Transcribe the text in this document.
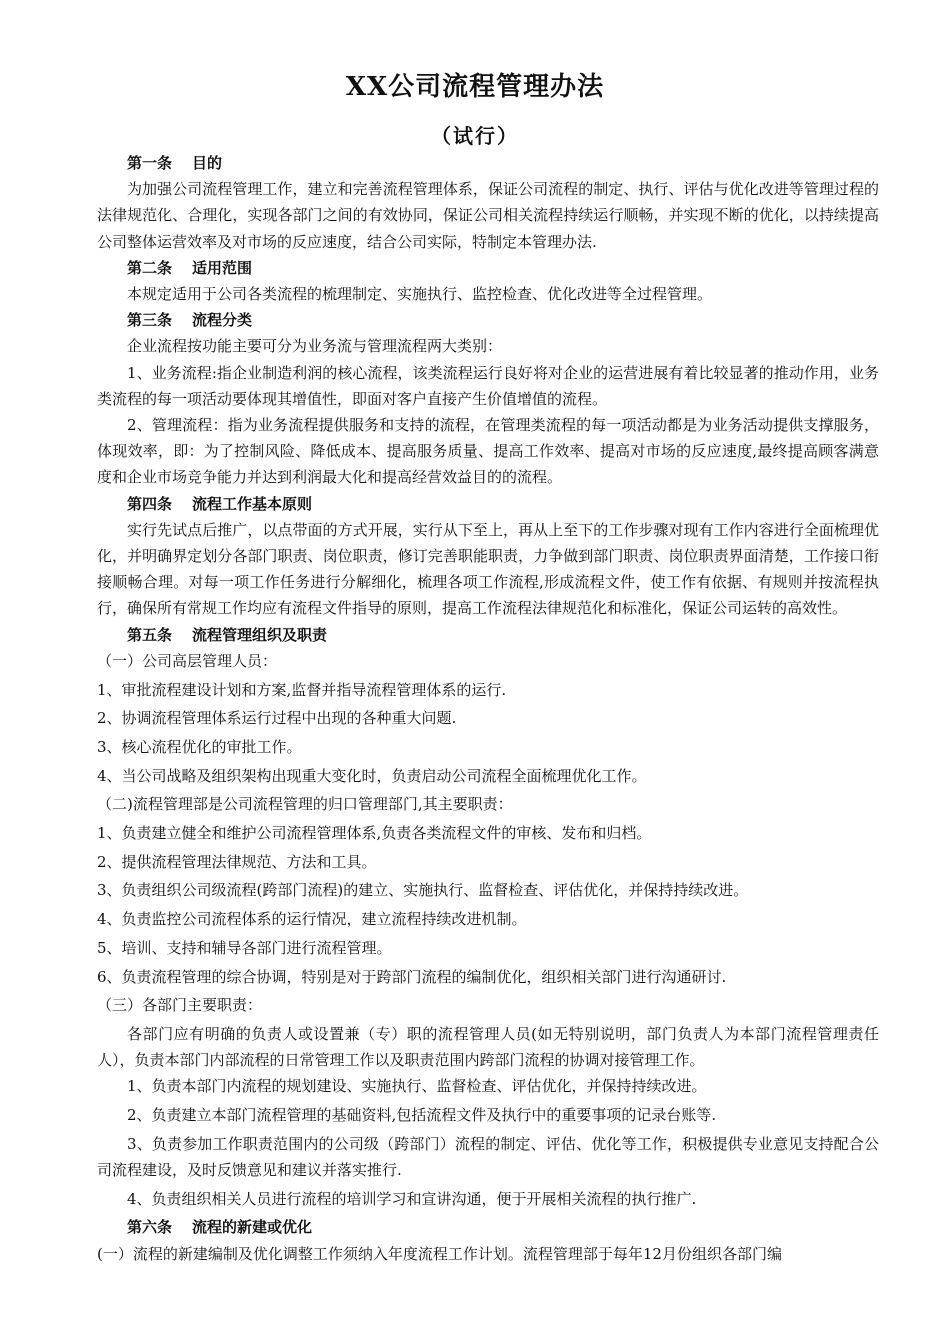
XX公司流程管理办法
（试行）
第一条 目的
为加强公司流程管理工作，建立和完善流程管理体系，保证公司流程的制定、执行、评估与优化改进等管理过程的法律规范化、合理化，实现各部门之间的有效协同，保证公司相关流程持续运行顺畅，并实现不断的优化，以持续提高公司整体运营效率及对市场的反应速度，结合公司实际，特制定本管理办法.
第二条 适用范围
本规定适用于公司各类流程的梳理制定、实施执行、监控检查、优化改进等全过程管理。
第三条 流程分类
企业流程按功能主要可分为业务流与管理流程两大类别：
1、业务流程:指企业制造利润的核心流程，该类流程运行良好将对企业的运营进展有着比较显著的推动作用，业务类流程的每一项活动要体现其增值性，即面对客户直接产生价值增值的流程。
2、管理流程：指为业务流程提供服务和支持的流程，在管理类流程的每一项活动都是为业务活动提供支撑服务，体现效率，即：为了控制风险、降低成本、提高服务质量、提高工作效率、提高对市场的反应速度,最终提高顾客满意度和企业市场竞争能力并达到利润最大化和提高经营效益目的的流程。
第四条 流程工作基本原则
实行先试点后推广，以点带面的方式开展，实行从下至上，再从上至下的工作步骤对现有工作内容进行全面梳理优化，并明确界定划分各部门职责、岗位职责，修订完善职能职责，力争做到部门职责、岗位职责界面清楚，工作接口衔接顺畅合理。对每一项工作任务进行分解细化，梳理各项工作流程,形成流程文件，使工作有依据、有规则并按流程执行，确保所有常规工作均应有流程文件指导的原则，提高工作流程法律规范化和标准化，保证公司运转的高效性。
第五条 流程管理组织及职责
（一）公司高层管理人员：
1、审批流程建设计划和方案,监督并指导流程管理体系的运行.
2、协调流程管理体系运行过程中出现的各种重大问题.
3、核心流程优化的审批工作。
4、当公司战略及组织架构出现重大变化时，负责启动公司流程全面梳理优化工作。
（二)流程管理部是公司流程管理的归口管理部门,其主要职责：
1、负责建立健全和维护公司流程管理体系,负责各类流程文件的审核、发布和归档。
2、提供流程管理法律规范、方法和工具。
3、负责组织公司级流程(跨部门流程)的建立、实施执行、监督检查、评估优化，并保持持续改进。
4、负责监控公司流程体系的运行情况，建立流程持续改进机制。
5、培训、支持和辅导各部门进行流程管理。
6、负责流程管理的综合协调，特别是对于跨部门流程的编制优化，组织相关部门进行沟通研讨.
（三）各部门主要职责：
各部门应有明确的负责人或设置兼（专）职的流程管理人员(如无特别说明，部门负责人为本部门流程管理责任人），负责本部门内部流程的日常管理工作以及职责范围内跨部门流程的协调对接管理工作。
1、负责本部门内流程的规划建设、实施执行、监督检查、评估优化，并保持持续改进。
2、负责建立本部门流程管理的基础资料,包括流程文件及执行中的重要事项的记录台账等.
3、负责参加工作职责范围内的公司级（跨部门）流程的制定、评估、优化等工作，积极提供专业意见支持配合公司流程建设，及时反馈意见和建议并落实推行.
4、负责组织相关人员进行流程的培训学习和宣讲沟通，便于开展相关流程的执行推广.
第六条 流程的新建或优化
(一）流程的新建编制及优化调整工作须纳入年度流程工作计划。流程管理部于每年12月份组织各部门编
